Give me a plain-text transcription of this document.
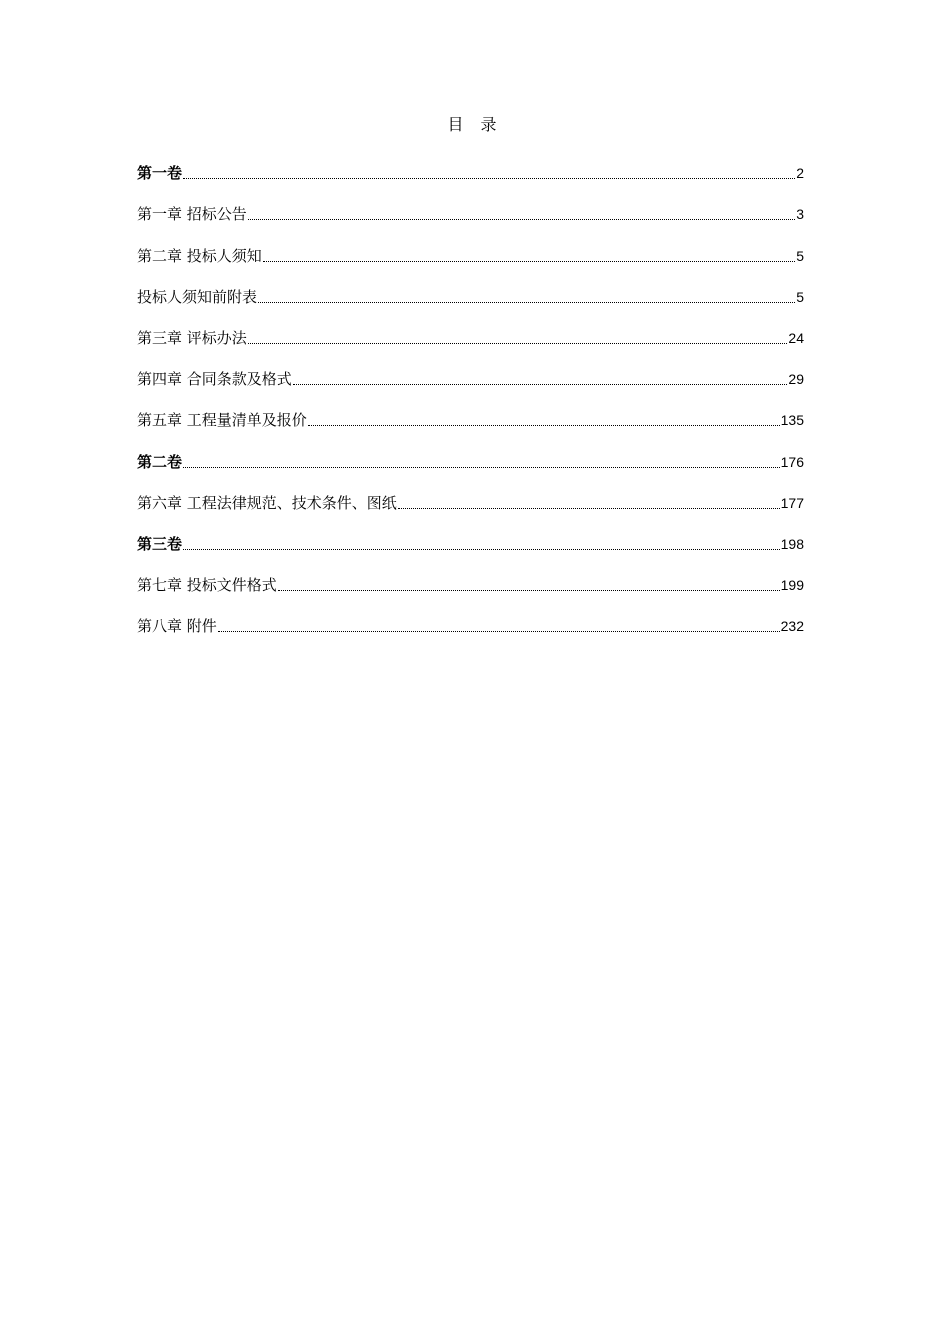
目 录
第一卷	2
第一章 招标公告	3
第二章 投标人须知	5
投标人须知前附表	5
第三章 评标办法	24
第四章 合同条款及格式	29
第五章 工程量清单及报价	135
第二卷	176
第六章 工程法律规范、技术条件、图纸	177
第三卷	198
第七章 投标文件格式	199
第八章 附件	232
